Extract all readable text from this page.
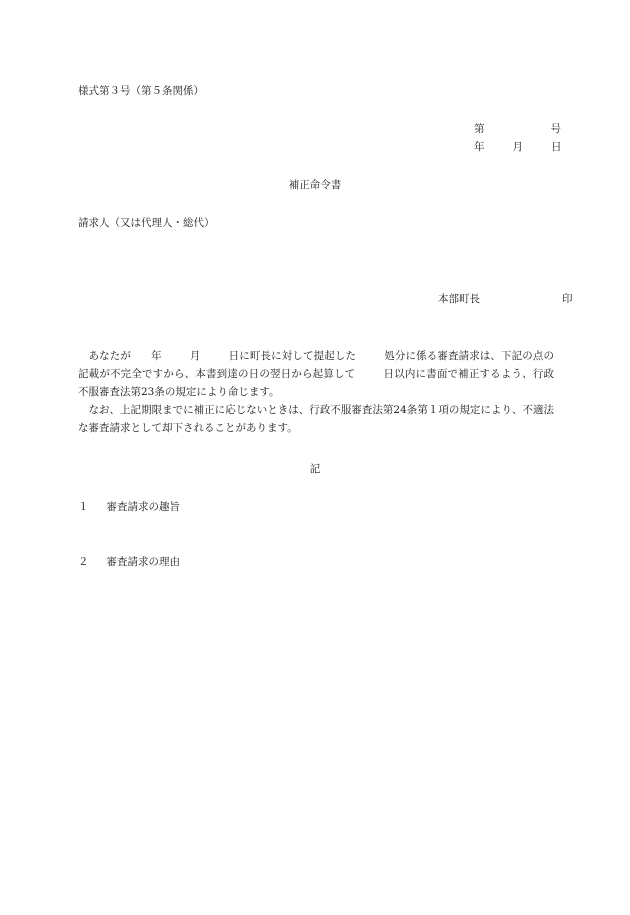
様式第３号（第５条関係）
第	号
年	月	日
補正命令書
請求人（又は代理人・総代）
本部町長	印
あなたが 年	月	日に町長に対して提起した	処分に係る審査請求は、下記の点の記載が不完全ですから、本書到達の日の翌日から起算して	日以内に書面で補正するよう、行政不服審査法第23条の規定により命じます。
なお、上記期限までに補正に応じないときは、行政不服審査法第24条第１項の規定により、不適法な審査請求として却下されることがあります。
記
１ 審査請求の趣旨
２ 審査請求の理由
